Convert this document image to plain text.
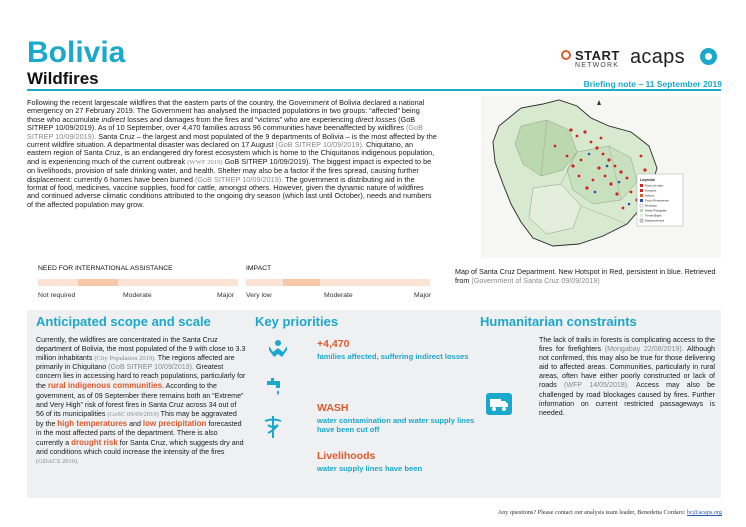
Bolivia
Wildfires
START
NETWORK acaps
Briefing note – 11 September 2019
Following the recent largescale wildfires that the eastern parts of the country, the Government of Bolivia declared a national emergency on 27 February 2019. The Government has analysed the impacted populations in two groups: “affected” being those who accumulate indirect losses and damages from the fires and “victims” who are experiencing direct losses (GoB SITREP 10/09/2019). As of 10 September, over 4,470 families across 96 communities have beenaffected by wildfires (GoB SITREP 10/09/2019). Santa Cruz – the largest and most populated of the 9 departments of Bolivia – is the most affected by the current wildfire situation. A departmental disaster was declared on 17 August (GoB SITREP 10/09/2019). Chiquitano, an eastern region of Santa Cruz, is an endangered dry forest ecosystem which is home to the Chiquitanos indigenous population, and is experiencing much of the current outbreak (WWF 2019) GoB SITREP 10/09/2019). The biggest impact is expected to be on livelihoods, provision of safe drinking water, and health. Shelter may also be a factor if the fires spread, causing further displacement: currently 6 homes have been burned (GoB SITREP 10/09/2019). The government is distributing aid in the format of food, medicines, vaccine supplies, food for cattle, amongst others. However, given the dynamic nature of wildfires and continued adverse climatic conditions attributed to the ongoing dry season (which last until October), needs and numbers of the affected population may grow.
Leyenda
Focos de calor
Hotspots
Activos
Focos Persistentes
Municipio
Áreas Protegidas
Tierras Bajas
Departamentos
Map of Santa Cruz Department. New Hotspot in Red, persistent in blue. Retrieved from (Government of Santa Cruz 09/09/2019)
NEED FOR INTERNATIONAL ASSISTANCE
Not required	Moderate	Major
IMPACT
Very low	Moderate	Major
Anticipated scope and scale	Key priorities	Humanitarian constraints
Currently, the wildfires are concentrated in the Santa Cruz department of Bolivia, the most populated of the 9 with close to 3.3 million inhabitants (City Population 2019). The regions affected are primarily in Chiquitano (GoB SITREP 10/09/2019). Greatest concern lies in accessing hard to reach populations, particularly for the rural indigenous communities. According to the government, as of 09 September there remains both an “Extreme” and Very High” risk of forest fires in Santa Cruz across 34 out of 56 of its municipalities (GoSC 09/09/2019) This may be aggravated by the high temperatures and low precipitation forecasted in the most affected parts of the department. There is also currently a drought risk for Santa Cruz, which suggests dry and arid conditions which could increase the intensity of the fires (GDACS 2019).
+4,470
families affected, suffering indirect losses
WASH
water contamination and water supply lines have been cut off
Livelihoods
water supply lines have been
The lack of trails in forests is complicating access to the fires for firefighters (Mongabay 22/08/2019). Although not confirmed, this may also be true for those delivering aid to affected areas. Communities, particularly in rural areas, often have either poorly constructed or lack of roads (WFP 14/05/2018). Access may also be challenged by road blockages caused by fires. Further information on current restricted passageways is needed.
Any questions? Please contact our analysis team leader, Benedetta Cordaro: bc@acaps.org
